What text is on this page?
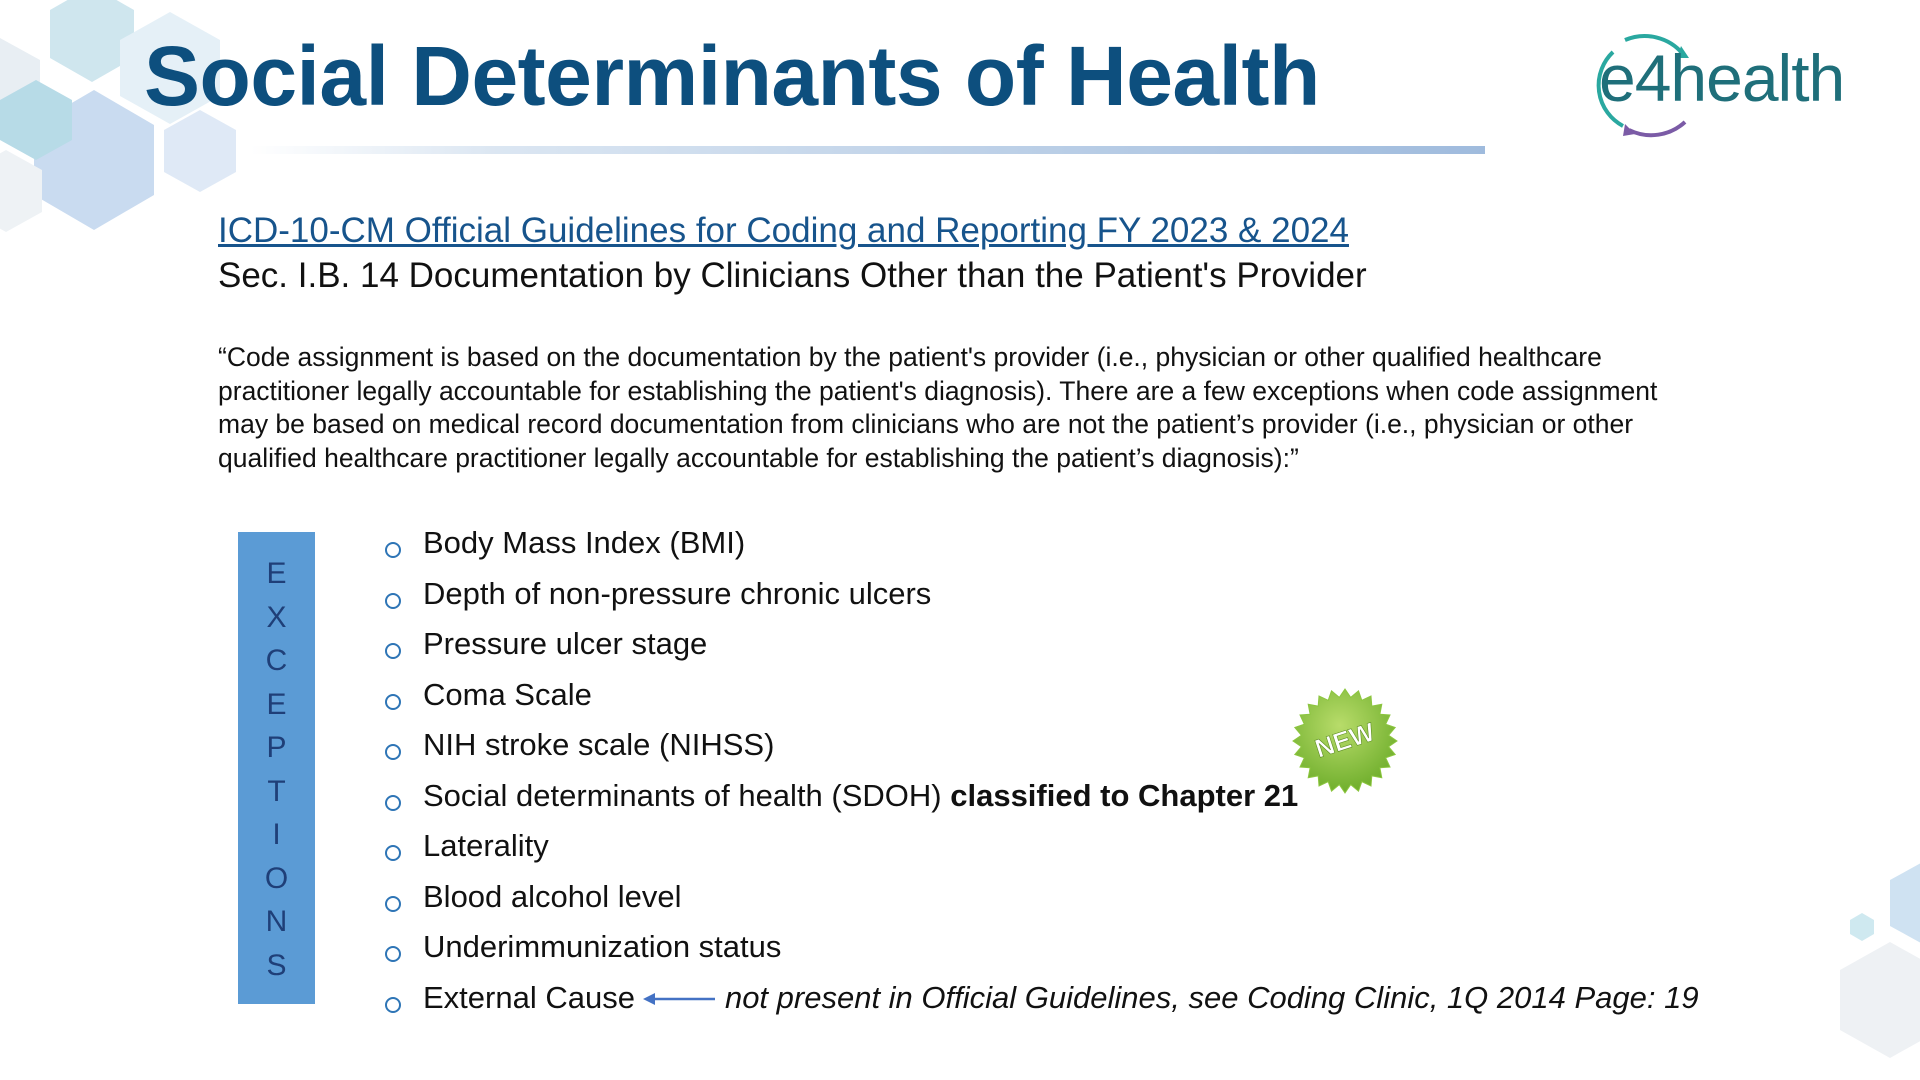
Social Determinants of Health	e4health
ICD-10-CM Official Guidelines for Coding and Reporting FY 2023 & 2024
Sec. I.B. 14 Documentation by Clinicians Other than the Patient's Provider

“Code assignment is based on the documentation by the patient's provider (i.e., physician or other qualified healthcare practitioner legally accountable for establishing the patient's diagnosis). There are a few exceptions when code assignment may be based on medical record documentation from clinicians who are not the patient’s provider (i.e., physician or other qualified healthcare practitioner legally accountable for establishing the patient’s diagnosis):”

E
X
C
E
P
T
I
O
N
S
Body Mass Index (BMI)
Depth of non-pressure chronic ulcers
Pressure ulcer stage
Coma Scale
NIH stroke scale (NIHSS)
Social determinants of health (SDOH) classified to Chapter 21
Laterality
Blood alcohol level
Underimmunization status
External Cause	not present in Official Guidelines, see Coding Clinic, 1Q 2014 Page: 19
NEW
